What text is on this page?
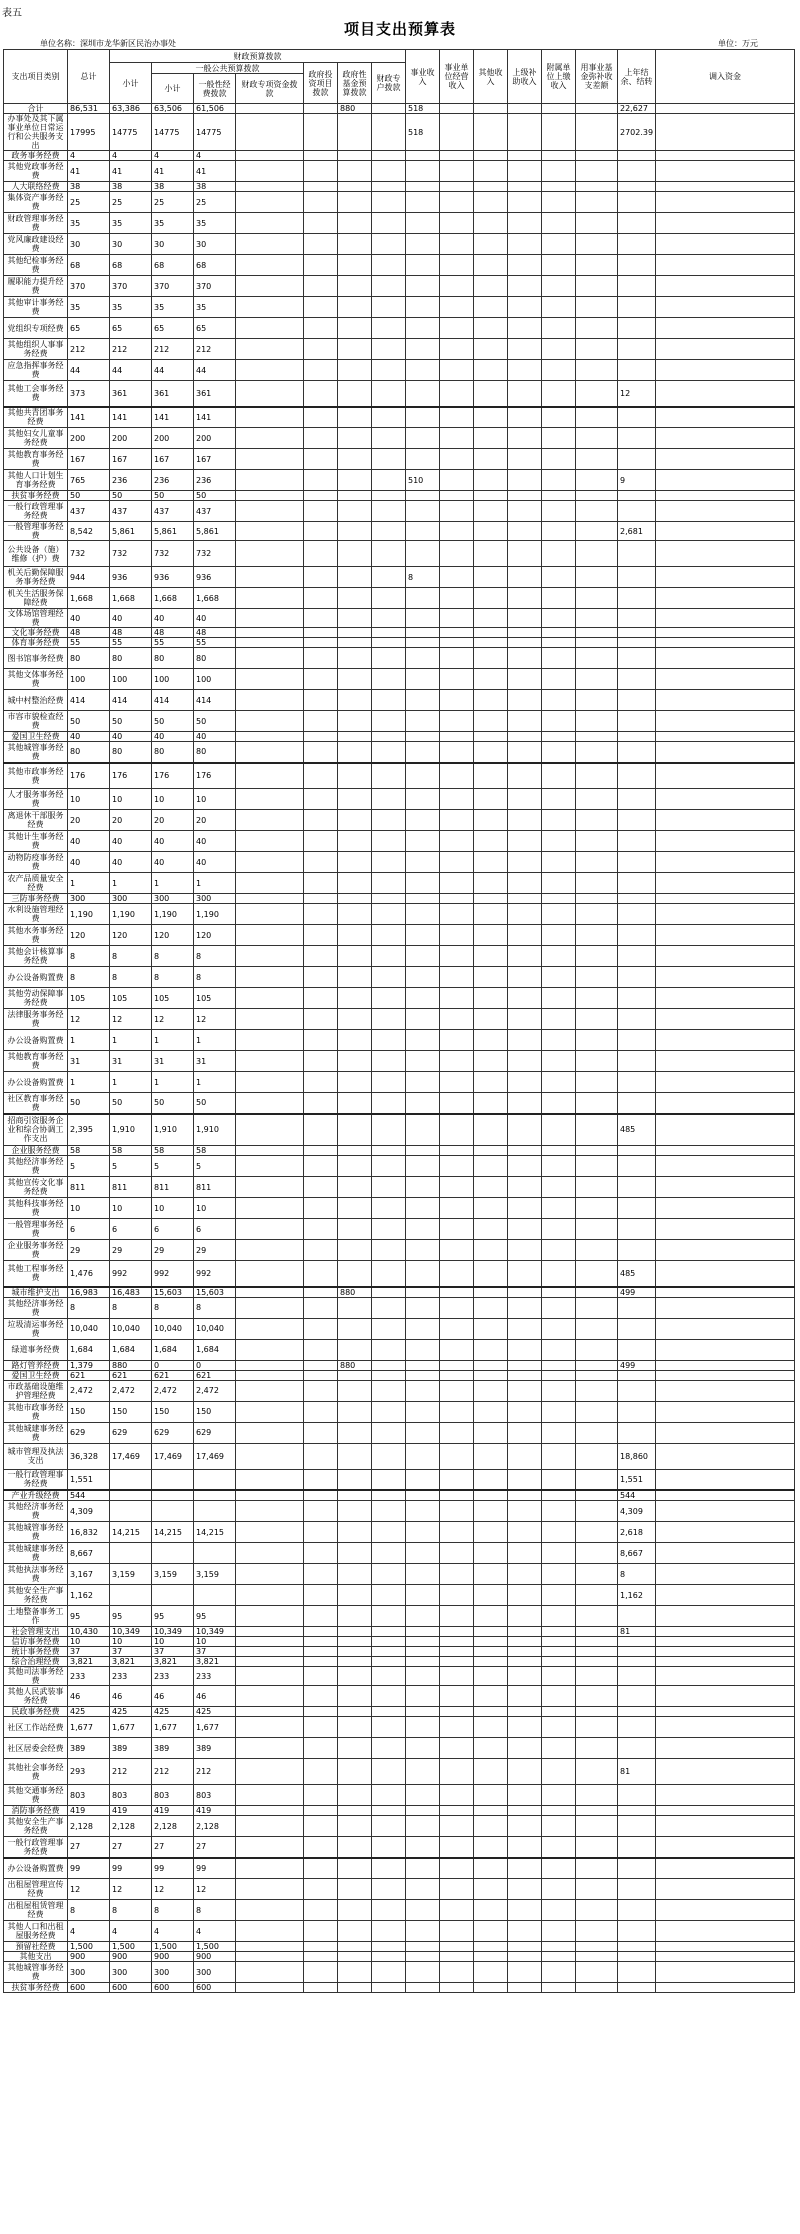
表五
项目支出预算表
单位名称：深圳市龙华新区民治办事处	单位：万元
支出项目类别	总计	财政预算拨款							事业收入	事业单位经营收入	其他收入	上级补助收入	附属单位上缴收入	用事业基金弥补收支差额	上年结余、结转	调入资金
		小计	一般公共预算拨款			政府投资项目拨款	政府性基金预算拨款	财政专户拨款								
			小计	一般性经费拨款	财政专项资金拨款											
合计	86,531	63,386	63,506	61,506			880		518						22,627	
办事处及其下属事业单位日常运行和公共服务支出	17995	14775	14775	14775					518						2702.39	
政务事务经费	4	4	4	4												
其他党政事务经费	41	41	41	41												
人大联络经费	38	38	38	38												
集体资产事务经费	25	25	25	25												
财政管理事务经费	35	35	35	35												
党风廉政建设经费	30	30	30	30												
其他纪检事务经费	68	68	68	68												
履职能力提升经费	370	370	370	370												
其他审计事务经费	35	35	35	35												
党组织专项经费	65	65	65	65												
其他组织人事事务经费	212	212	212	212												
应急指挥事务经费	44	44	44	44												
其他工会事务经费	373	361	361	361											12	
其他共青团事务经费	141	141	141	141												
其他妇女儿童事务经费	200	200	200	200												
其他教育事务经费	167	167	167	167												
其他人口计划生育事务经费	765	236	236	236					510						9	
扶贫事务经费	50	50	50	50												
一般行政管理事务经费	437	437	437	437												
一般管理事务经费	8,542	5,861	5,861	5,861											2,681	
公共设备（施）维修（护）费	732	732	732	732												
机关后勤保障服务事务经费	944	936	936	936					8							
机关生活服务保障经费	1,668	1,668	1,668	1,668												
文体场馆管理经费	40	40	40	40												
文化事务经费	48	48	48	48												
体育事务经费	55	55	55	55												
图书馆事务经费	80	80	80	80												
其他文体事务经费	100	100	100	100												
城中村整治经费	414	414	414	414												
市容市貌检查经费	50	50	50	50												
爱国卫生经费	40	40	40	40												
其他城管事务经费	80	80	80	80												
其他市政事务经费	176	176	176	176												
人才服务事务经费	10	10	10	10												
离退休干部服务经费	20	20	20	20												
其他计生事务经费	40	40	40	40												
动物防疫事务经费	40	40	40	40												
农产品质量安全经费	1	1	1	1												
三防事务经费	300	300	300	300												
水利设施管理经费	1,190	1,190	1,190	1,190												
其他水务事务经费	120	120	120	120												
其他会计核算事务经费	8	8	8	8												
办公设备购置费	8	8	8	8												
其他劳动保障事务经费	105	105	105	105												
法律服务事务经费	12	12	12	12												
办公设备购置费	1	1	1	1												
其他教育事务经费	31	31	31	31												
办公设备购置费	1	1	1	1												
社区教育事务经费	50	50	50	50												
招商引资服务企业和综合协调工作支出	2,395	1,910	1,910	1,910											485	
企业服务经费	58	58	58	58												
其他经济事务经费	5	5	5	5												
其他宣传文化事务经费	811	811	811	811												
其他科技事务经费	10	10	10	10												
一般管理事务经费	6	6	6	6												
企业服务事务经费	29	29	29	29												
其他工程事务经费	1,476	992	992	992											485	
城市维护支出	16,983	16,483	15,603	15,603			880								499	
其他经济事务经费	8	8	8	8												
垃圾清运事务经费	10,040	10,040	10,040	10,040												
绿道事务经费	1,684	1,684	1,684	1,684												
路灯管养经费	1,379	880	0	0			880								499	
爱国卫生经费	621	621	621	621												
市政基础设施维护管理经费	2,472	2,472	2,472	2,472												
其他市政事务经费	150	150	150	150												
其他城建事务经费	629	629	629	629												
城市管理及执法支出	36,328	17,469	17,469	17,469											18,860	
一般行政管理事务经费	1,551														1,551	
产业升级经费	544														544	
其他经济事务经费	4,309														4,309	
其他城管事务经费	16,832	14,215	14,215	14,215											2,618	
其他城建事务经费	8,667														8,667	
其他执法事务经费	3,167	3,159	3,159	3,159											8	
其他安全生产事务经费	1,162														1,162	
土地整备事务工作	95	95	95	95												
社会管理支出	10,430	10,349	10,349	10,349											81	
信访事务经费	10	10	10	10												
统计事务经费	37	37	37	37												
综合治理经费	3,821	3,821	3,821	3,821												
其他司法事务经费	233	233	233	233												
其他人民武装事务经费	46	46	46	46												
民政事务经费	425	425	425	425												
社区工作站经费	1,677	1,677	1,677	1,677												
社区居委会经费	389	389	389	389												
其他社会事务经费	293	212	212	212											81	
其他交通事务经费	803	803	803	803												
消防事务经费	419	419	419	419												
其他安全生产事务经费	2,128	2,128	2,128	2,128												
一般行政管理事务经费	27	27	27	27												
办公设备购置费	99	99	99	99												
出租屋管理宣传经费	12	12	12	12												
出租屋租赁管理经费	8	8	8	8												
其他人口和出租屋服务经费	4	4	4	4												
預留社经费	1,500	1,500	1,500	1,500												
其他支出	900	900	900	900												
其他城管事务经费	300	300	300	300												
扶贫事务经费	600	600	600	600												
